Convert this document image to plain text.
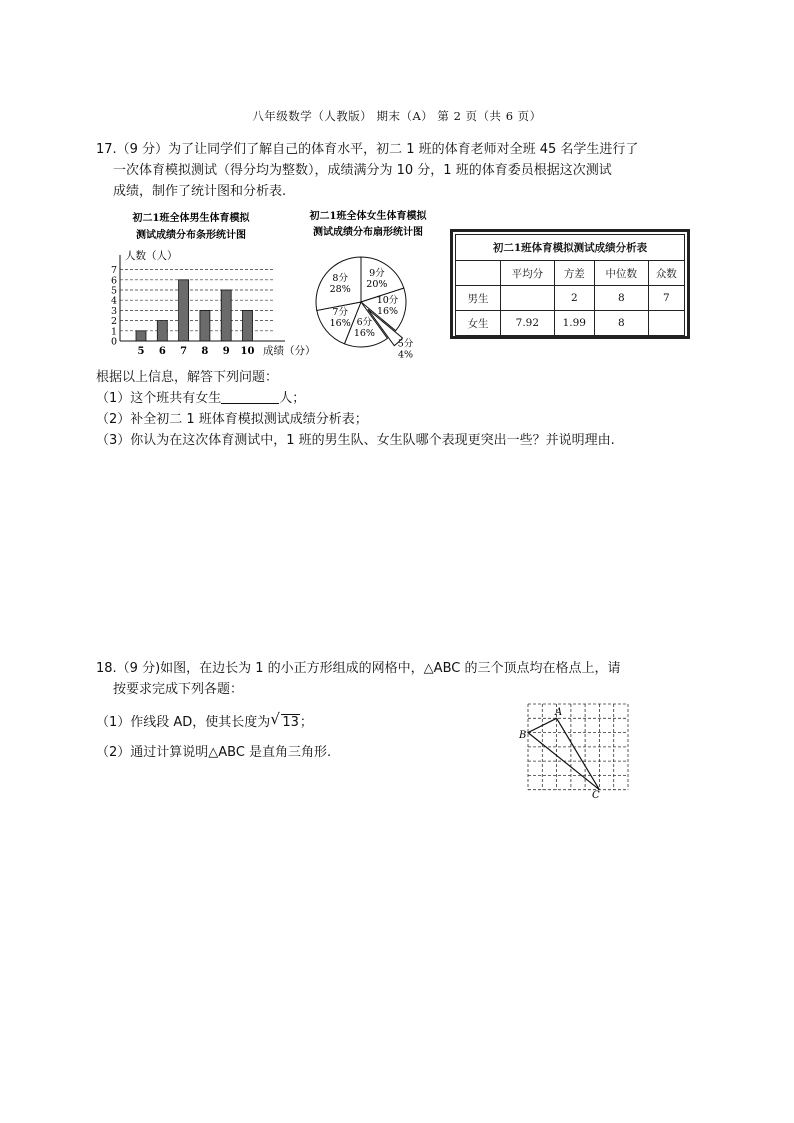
八年级数学（人教版） 期末（A） 第 2 页（共 6 页）
17.（9 分）为了让同学们了解自己的体育水平，初二 1 班的体育老师对全班 45 名学生进行了
一次体育模拟测试（得分均为整数），成绩满分为 10 分，1 班的体育委员根据这次测试
成绩，制作了统计图和分析表.
初二1班全体男生体育模拟
测试成绩分布条形统计图
人数（人）
0
1
2
3
4
5
6
7
5 6 7 8 9 10 成绩（分）
初二1班全体女生体育模拟
测试成绩分布扇形统计图
9分
20%
10分
16%
5分
4%
6分
16%
7分
16%
8分
28%
初二1班体育模拟测试成绩分析表				
	平均分	方差	中位数	众数
男生		2	8	7
女生	7.92	1.99	8	
根据以上信息，解答下列问题：
（1）这个班共有女生	人；
（2）补全初二 1 班体育模拟测试成绩分析表；
（3）你认为在这次体育测试中，1 班的男生队、女生队哪个表现更突出一些？并说明理由.
18.（9 分)如图，在边长为 1 的小正方形组成的网格中，△ABC 的三个顶点均在格点上，请
按要求完成下列各题：
（1）作线段 AD，使其长度为 √ 13；
（2）通过计算说明△ABC 是直角三角形.
A
B
C
